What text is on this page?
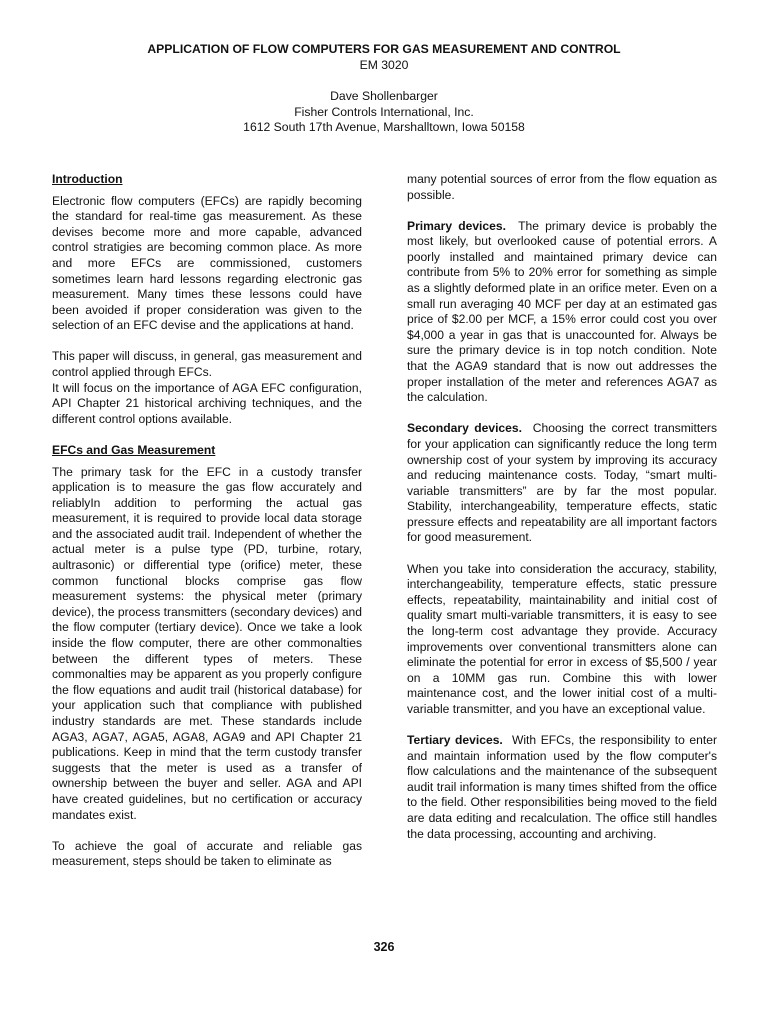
APPLICATION OF FLOW COMPUTERS FOR GAS MEASUREMENT AND CONTROL
EM 3020
Dave Shollenbarger
Fisher Controls International, Inc.
1612 South 17th Avenue, Marshalltown, Iowa 50158
Introduction

Electronic flow computers (EFCs) are rapidly becoming the standard for real-time gas measurement. As these devises become more and more capable, advanced control stratigies are becoming common place. As more and more EFCs are commissioned, customers sometimes learn hard lessons regarding electronic gas measurement. Many times these lessons could have been avoided if proper consideration was given to the selection of an EFC devise and the applications at hand.

This paper will discuss, in general, gas measurement and control applied through EFCs.

It will focus on the importance of AGA EFC configuration, API Chapter 21 historical archiving techniques, and the different control options available.

EFCs and Gas Measurement

The primary task for the EFC in a custody transfer application is to measure the gas flow accurately and reliablyIn addition to performing the actual gas measurement, it is required to provide local data storage and the associated audit trail. Independent of whether the actual meter is a pulse type (PD, turbine, rotary, aultrasonic) or differential type (orifice) meter, these common functional blocks comprise gas flow measurement systems: the physical meter (primary device), the process transmitters (secondary devices) and the flow computer (tertiary device). Once we take a look inside the flow computer, there are other commonalties between the different types of meters. These commonalties may be apparent as you properly configure the flow equations and audit trail (historical database) for your application such that compliance with published industry standards are met. These standards include AGA3, AGA7, AGA5, AGA8, AGA9 and API Chapter 21 publications. Keep in mind that the term custody transfer suggests that the meter is used as a transfer of ownership between the buyer and seller. AGA and API have created guidelines, but no certification or accuracy mandates exist.

To achieve the goal of accurate and reliable gas measurement, steps should be taken to eliminate as

many potential sources of error from the flow equation as possible.

Primary devices. The primary device is probably the most likely, but overlooked cause of potential errors. A poorly installed and maintained primary device can contribute from 5% to 20% error for something as simple as a slightly deformed plate in an orifice meter. Even on a small run averaging 40 MCF per day at an estimated gas price of $2.00 per MCF, a 15% error could cost you over $4,000 a year in gas that is unaccounted for. Always be sure the primary device is in top notch condition. Note that the AGA9 standard that is now out addresses the proper installation of the meter and references AGA7 as the calculation.

Secondary devices. Choosing the correct transmitters for your application can significantly reduce the long term ownership cost of your system by improving its accuracy and reducing maintenance costs. Today, “smart multi-variable transmitters” are by far the most popular. Stability, interchangeability, temperature effects, static pressure effects and repeatability are all important factors for good measurement.

When you take into consideration the accuracy, stability, interchangeability, temperature effects, static pressure effects, repeatability, maintainability and initial cost of quality smart multi-variable transmitters, it is easy to see the long-term cost advantage they provide. Accuracy improvements over conventional transmitters alone can eliminate the potential for error in excess of $5,500 / year on a 10MM gas run. Combine this with lower maintenance cost, and the lower initial cost of a multi-variable transmitter, and you have an exceptional value.

Tertiary devices. With EFCs, the responsibility to enter and maintain information used by the flow computer's flow calculations and the maintenance of the subsequent audit trail information is many times shifted from the office to the field. Other responsibilities being moved to the field are data editing and recalculation. The office still handles the data processing, accounting and archiving.

326
